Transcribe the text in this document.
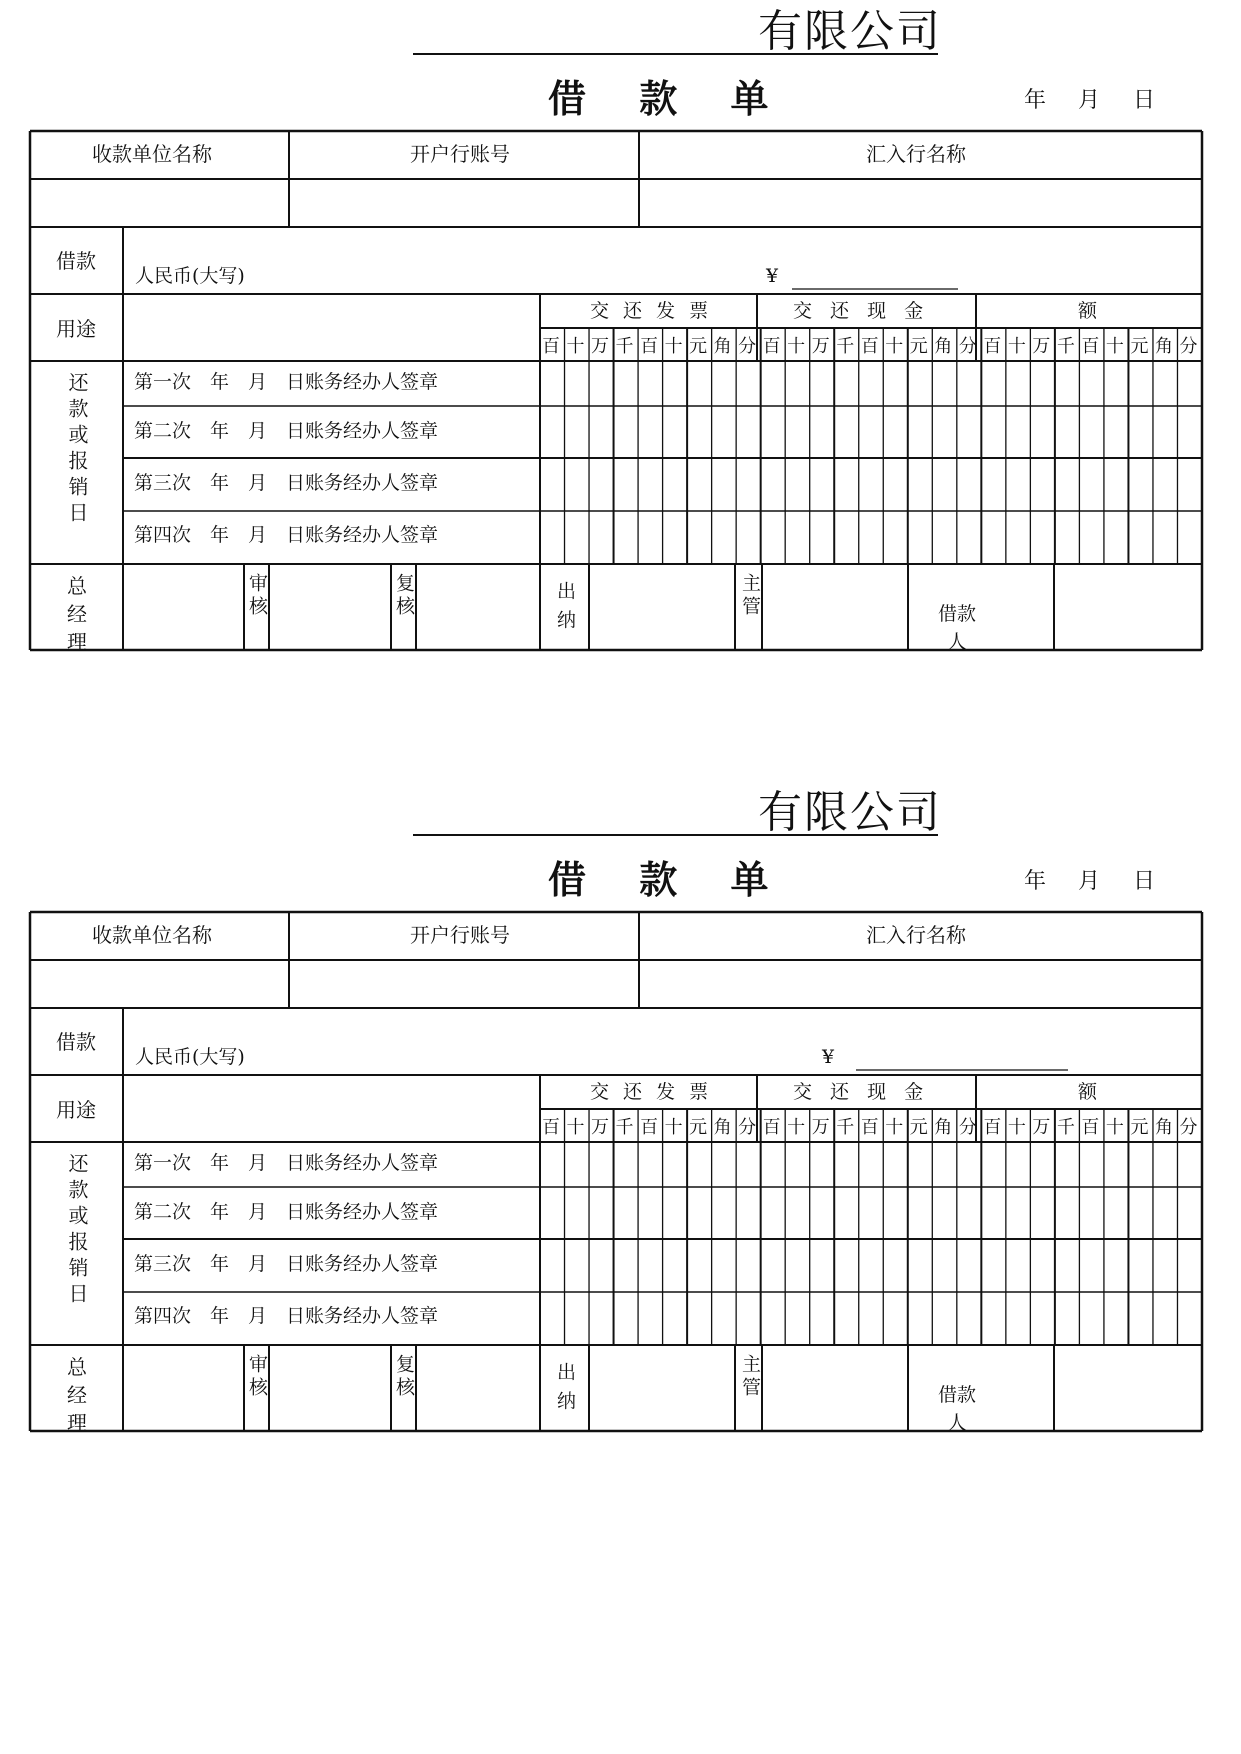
有限公司
借 款 单	年 月 日
收款单位名称	开户行账号	汇入行名称
借款
人民币(大写)	¥
用途
交 还 发 票	交 还 现 金	额
百 十 万 千 百 十 元 角 分 百 十 万 千 百 十 元 角 分 百 十 万 千 百 十 元 角 分
还款或报销日 第一次　年　月　日账务经办人签章
第二次　年　月　日账务经办人签章
第三次　年　月　日账务经办人签章
第四次　年　月　日账务经办人签章
总 经 理
审核	复核	出纳	主管	借款人
有限公司
借 款 单	年 月 日
收款单位名称	开户行账号	汇入行名称
借款
人民币(大写)	¥
用途
交 还 发 票	交 还 现 金	额
百 十 万 千 百 十 元 角 分 百 十 万 千 百 十 元 角 分 百 十 万 千 百 十 元 角 分
还款或报销日 第一次　年　月　日账务经办人签章
第二次　年　月　日账务经办人签章
第三次　年　月　日账务经办人签章
第四次　年　月　日账务经办人签章
总 经 理
审核	复核	出纳	主管	借款人
